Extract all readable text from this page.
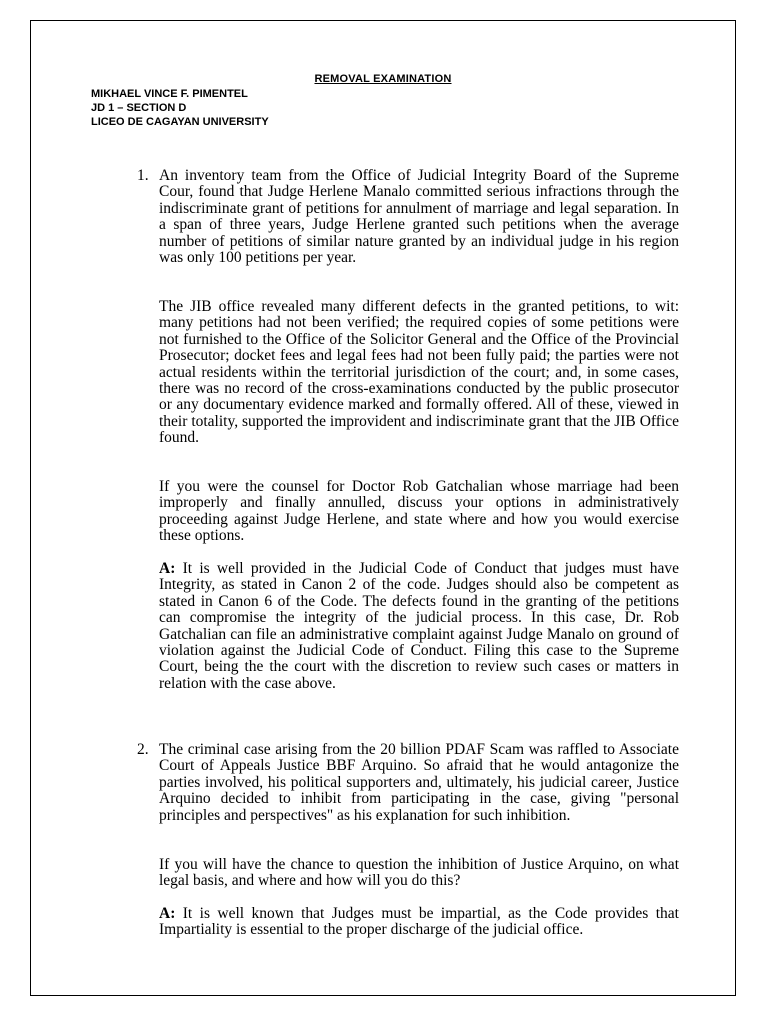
REMOVAL EXAMINATION
MIKHAEL VINCE F. PIMENTEL
JD 1 – SECTION D
LICEO DE CAGAYAN UNIVERSITY
1. An inventory team from the Office of Judicial Integrity Board of the Supreme Cour, found that Judge Herlene Manalo committed serious infractions through the indiscriminate grant of petitions for annulment of marriage and legal separation. In a span of three years, Judge Herlene granted such petitions when the average number of petitions of similar nature granted by an individual judge in his region was only 100 petitions per year.

The JIB office revealed many different defects in the granted petitions, to wit: many petitions had not been verified; the required copies of some petitions were not furnished to the Office of the Solicitor General and the Office of the Provincial Prosecutor; docket fees and legal fees had not been fully paid; the parties were not actual residents within the territorial jurisdiction of the court; and, in some cases, there was no record of the cross-examinations conducted by the public prosecutor or any documentary evidence marked and formally offered. All of these, viewed in their totality, supported the improvident and indiscriminate grant that the JIB Office found.

If you were the counsel for Doctor Rob Gatchalian whose marriage had been improperly and finally annulled, discuss your options in administratively proceeding against Judge Herlene, and state where and how you would exercise these options.

A: It is well provided in the Judicial Code of Conduct that judges must have Integrity, as stated in Canon 2 of the code. Judges should also be competent as stated in Canon 6 of the Code. The defects found in the granting of the petitions can compromise the integrity of the judicial process. In this case, Dr. Rob Gatchalian can file an administrative complaint against Judge Manalo on ground of violation against the Judicial Code of Conduct. Filing this case to the Supreme Court, being the the court with the discretion to review such cases or matters in relation with the case above.

2. The criminal case arising from the 20 billion PDAF Scam was raffled to Associate Court of Appeals Justice BBF Arquino. So afraid that he would antagonize the parties involved, his political supporters and, ultimately, his judicial career, Justice Arquino decided to inhibit from participating in the case, giving "personal principles and perspectives" as his explanation for such inhibition.

If you will have the chance to question the inhibition of Justice Arquino, on what legal basis, and where and how will you do this?

A: It is well known that Judges must be impartial, as the Code provides that Impartiality is essential to the proper discharge of the judicial office.
